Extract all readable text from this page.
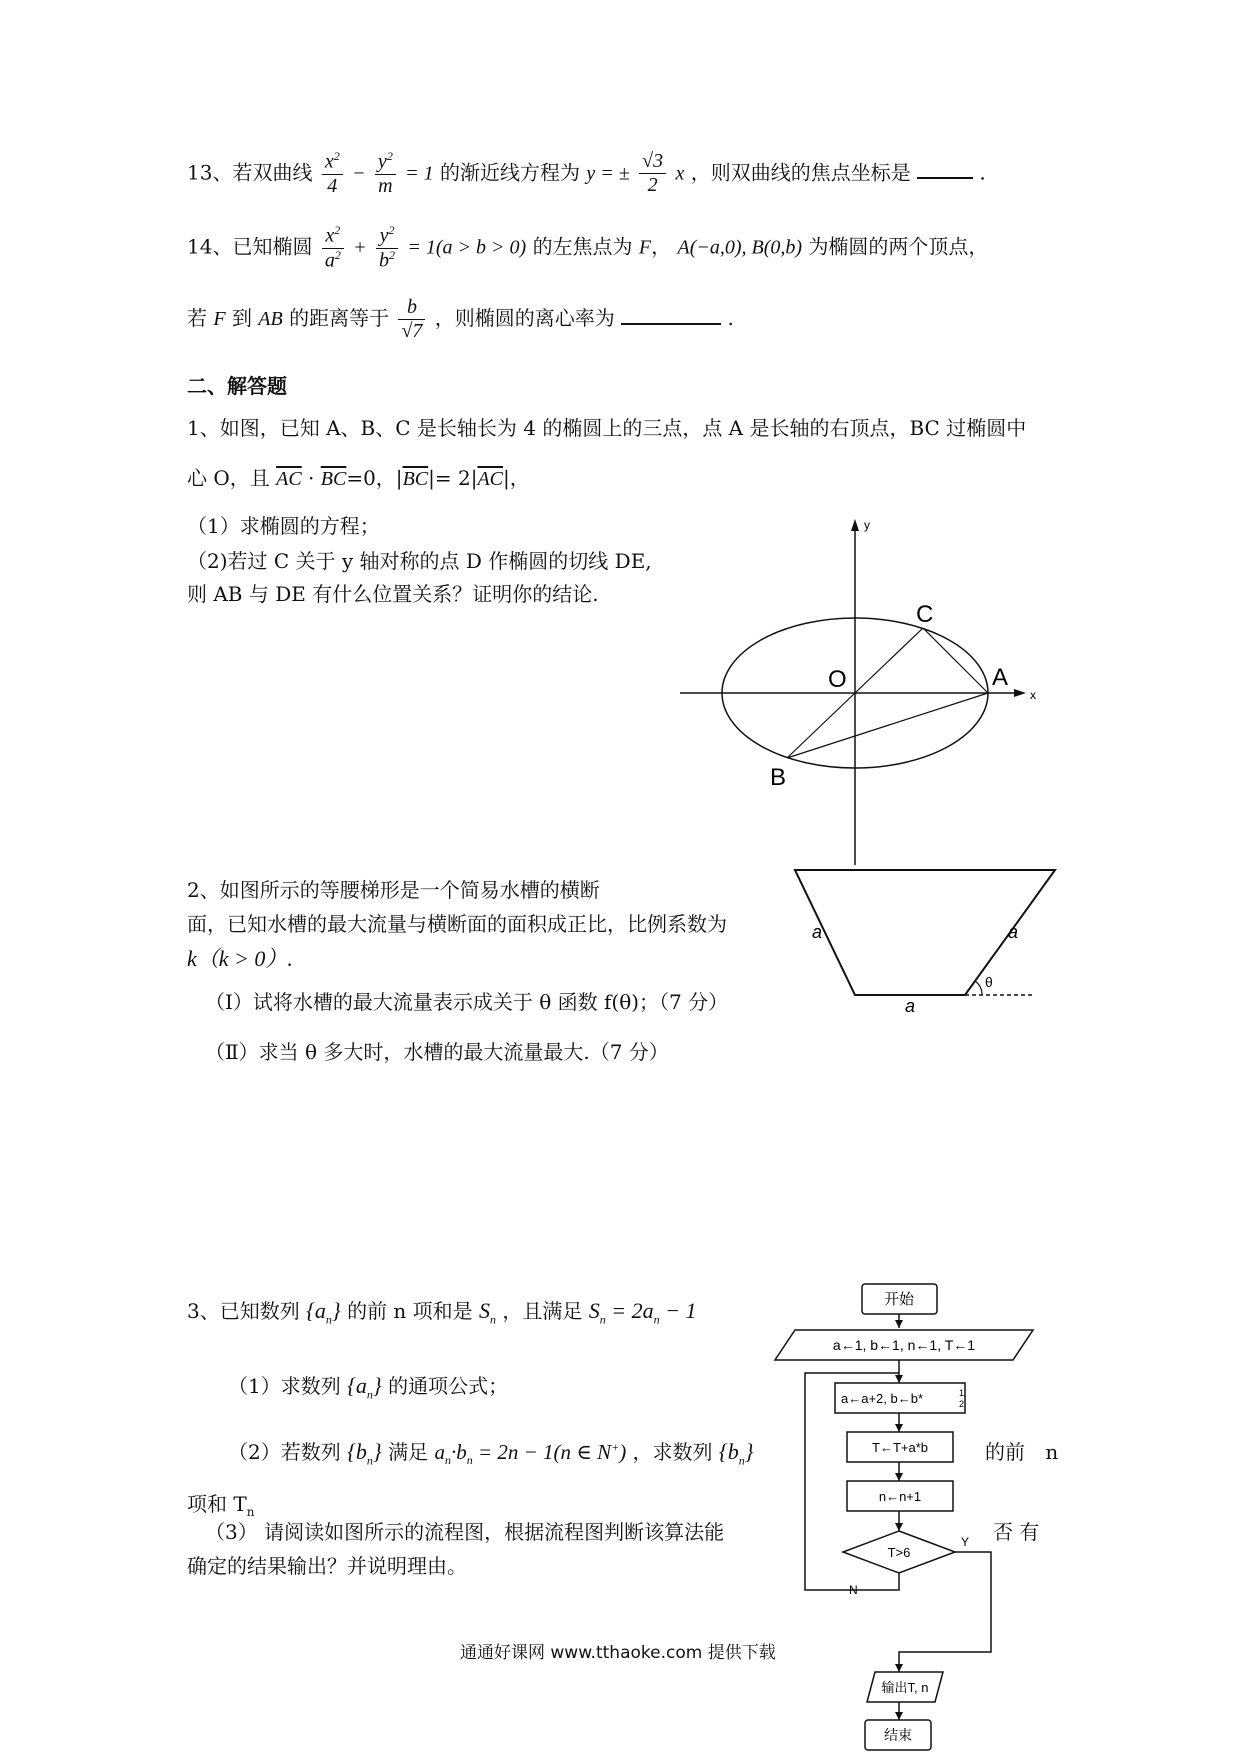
13、若双曲线 $\frac{x^2}{4} - \frac{y^2}{m} = 1$ 的渐近线方程为 y = ± $\frac{√3}{2}$ x ，则双曲线的焦点坐标是	.
14、已知椭圆 $\frac{x^2}{a^2} + \frac{y^2}{b^2} = 1(a > b > 0)$ 的左焦点为 F， A(−a,0), B(0,b) 为椭圆的两个顶点，
若 F 到 AB 的距离等于 $\frac{b}{√7}$ ，则椭圆的离心率为	.
二、解答题
1、如图，已知 A、B、C 是长轴长为 4 的椭圆上的三点，点 A 是长轴的右顶点，BC 过椭圆中
心 O，且 $\overline{AC} \cdot \overline{BC}=0$，$|\overline{BC}|= 2|\overline{AC}|$，
（1）求椭圆的方程；
（2)若过 C 关于 y 轴对称的点 D 作椭圆的切线 DE,
则 AB 与 DE 有什么位置关系？证明你的结论.
y
x
O	A
B
C
2、如图所示的等腰梯形是一个简易水槽的横断
面，已知水槽的最大流量与横断面的面积成正比，比例系数为
k（k > 0）.
（Ⅰ）试将水槽的最大流量表示成关于 θ 函数 f(θ)；（7 分）
（Ⅱ）求当 θ 多大时，水槽的最大流量最大.（7 分）
a	a
a
θ
3、已知数列 $\{a_n\}$ 的前 n 项和是 $S_n$ ，且满足 $S_n = 2a_n - 1$
（1）求数列 $\{a_n\}$ 的通项公式；
（2）若数列 $\{b_n\}$ 满足 $a_n\cdot b_n = 2n - 1(n$ ∈ N+) ，求数列 $\{b_n\}$	的前 n
项和 $T_n$
（3） 请阅读如图所示的流程图，根据流程图判断该算法能	否 有
确定的结果输出？并说明理由。
开始
a←1, b←1, n←1, T←1
a←a+2, b←b*	1
2
T←T+a*b
n←n+1
T>6
Y
N
输出T, n
结束
通通好课网 www.tthaoke.com 提供下载
